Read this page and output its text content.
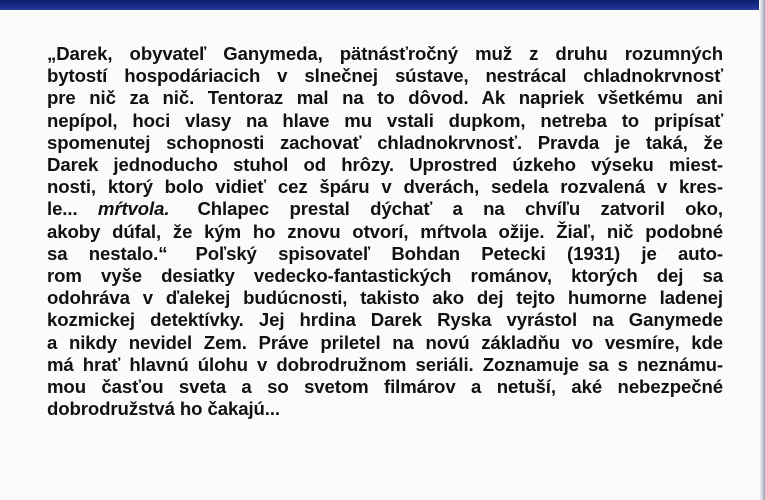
„Darek, obyvateľ Ganymeda, pätnásťročný muž z druhu rozumných
bytostí hospodáriacich v slnečnej sústave, nestrácal chladnokrvnosť
pre nič za nič. Tentoraz mal na to dôvod. Ak napriek všetkému ani
nepípol, hoci vlasy na hlave mu vstali dupkom, netreba to pripísať
spomenutej schopnosti zachovať chladnokrvnosť. Pravda je taká, že
Darek jednoducho stuhol od hrôzy. Uprostred úzkeho výseku miest-
nosti, ktorý bolo vidieť cez špáru v dverách, sedela rozvalená v kres-
le... mŕtvola. Chlapec prestal dýchať a na chvíľu zatvoril oko,
akoby dúfal, že kým ho znovu otvorí, mŕtvola ožije. Žiaľ, nič podobné
sa nestalo.“ Poľský spisovateľ Bohdan Petecki (1931) je auto-
rom vyše desiatky vedecko-fantastických románov, ktorých dej sa
odohráva v ďalekej budúcnosti, takisto ako dej tejto humorne ladenej
kozmickej detektívky. Jej hrdina Darek Ryska vyrástol na Ganymede
a nikdy nevidel Zem. Práve priletel na novú základňu vo vesmíre, kde
má hrať hlavnú úlohu v dobrodružnom seriáli. Zoznamuje sa s neznámu-
mou časťou sveta a so svetom filmárov a netuší, aké nebezpečné
dobrodružstvá ho čakajú...
